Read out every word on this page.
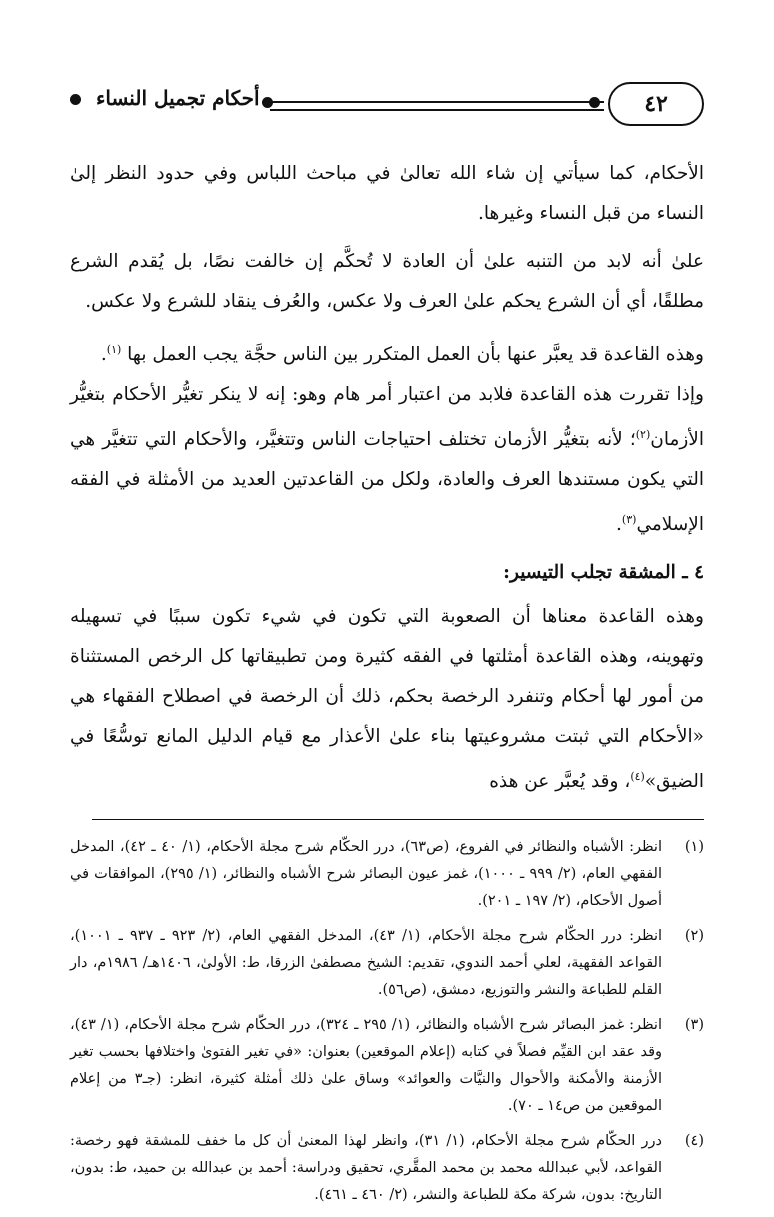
٤٢
أحكام تجميل النساء

الأحكام، كما سيأتي إن شاء الله تعالىٰ في مباحث اللباس وفي حدود النظر إلىٰ النساء من قبل النساء وغيرها.

علىٰ أنه لابد من التنبه علىٰ أن العادة لا تُحكَّم إن خالفت نصًا، بل يُقدم الشرع مطلقًا، أي أن الشرع يحكم علىٰ العرف ولا عكس، والعُرف ينقاد للشرع ولا عكس.

وهذه القاعدة قد يعبَّر عنها بأن العمل المتكرر بين الناس حجَّة يجب العمل بها $^{(١)}$.

وإذا تقررت هذه القاعدة فلابد من اعتبار أمر هام وهو: إنه لا ينكر تغيُّر الأحكام بتغيُّر الأزمان$^{(٢)}$؛ لأنه بتغيُّر الأزمان تختلف احتياجات الناس وتتغيَّر، والأحكام التي تتغيَّر هي التي يكون مستندها العرف والعادة، ولكل من القاعدتين العديد من الأمثلة في الفقه الإسلامي$^{(٣)}$.

٤ ـ المشقة تجلب التيسير:

وهذه القاعدة معناها أن الصعوبة التي تكون في شيء تكون سببًا في تسهيله وتهوينه، وهذه القاعدة أمثلتها في الفقه كثيرة ومن تطبيقاتها كل الرخص المستثناة من أمور لها أحكام وتنفرد الرخصة بحكم، ذلك أن الرخصة في اصطلاح الفقهاء هي «الأحكام التي ثبتت مشروعيتها بناء علىٰ الأعذار مع قيام الدليل المانع توسُّعًا في الضيق»$^{(٤)}$، وقد يُعبَّر عن هذه

(١)
انظر: الأشباه والنظائر في الفروع، (ص٦٣)، درر الحكّام شرح مجلة الأحكام، (١/ ٤٠ ـ ٤٢)، المدخل الفقهي العام، (٢/ ٩٩٩ ـ ١٠٠٠)، غمز عيون البصائر شرح الأشباه والنظائر، (١/ ٢٩٥)، الموافقات في أصول الأحكام، (٢/ ١٩٧ ـ ٢٠١).
(٢)
انظر: درر الحكّام شرح مجلة الأحكام، (١/ ٤٣)، المدخل الفقهي العام، (٢/ ٩٢٣ ـ ٩٣٧ ـ ١٠٠١)، القواعد الفقهية، لعلي أحمد الندوي، تقديم: الشيخ مصطفىٰ الزرقا، ط: الأولىٰ، ١٤٠٦هـ/ ١٩٨٦م، دار القلم للطباعة والنشر والتوزيع، دمشق، (ص٥٦).
(٣)
انظر: غمز البصائر شرح الأشباه والنظائر، (١/ ٢٩٥ ـ ٣٢٤)، درر الحكّام شرح مجلة الأحكام، (١/ ٤٣)، وقد عقد ابن القيِّم فصلاً في كتابه (إعلام الموقعين) بعنوان: «في تغير الفتوىٰ واختلافها بحسب تغير الأزمنة والأمكنة والأحوال والنيَّات والعوائد» وساق علىٰ ذلك أمثلة كثيرة، انظر: (جـ٣ من إعلام الموقعين من ص١٤ ـ ٧٠).
(٤)
درر الحكّام شرح مجلة الأحكام، (١/ ٣١)، وانظر لهذا المعنىٰ أن كل ما خفف للمشقة فهو رخصة: القواعد، لأبي عبدالله محمد بن محمد المقَّري، تحقيق ودراسة: أحمد بن عبدالله بن حميد، ط: بدون، التاريخ: بدون، شركة مكة للطباعة والنشر، (٢/ ٤٦٠ ـ ٤٦١).
